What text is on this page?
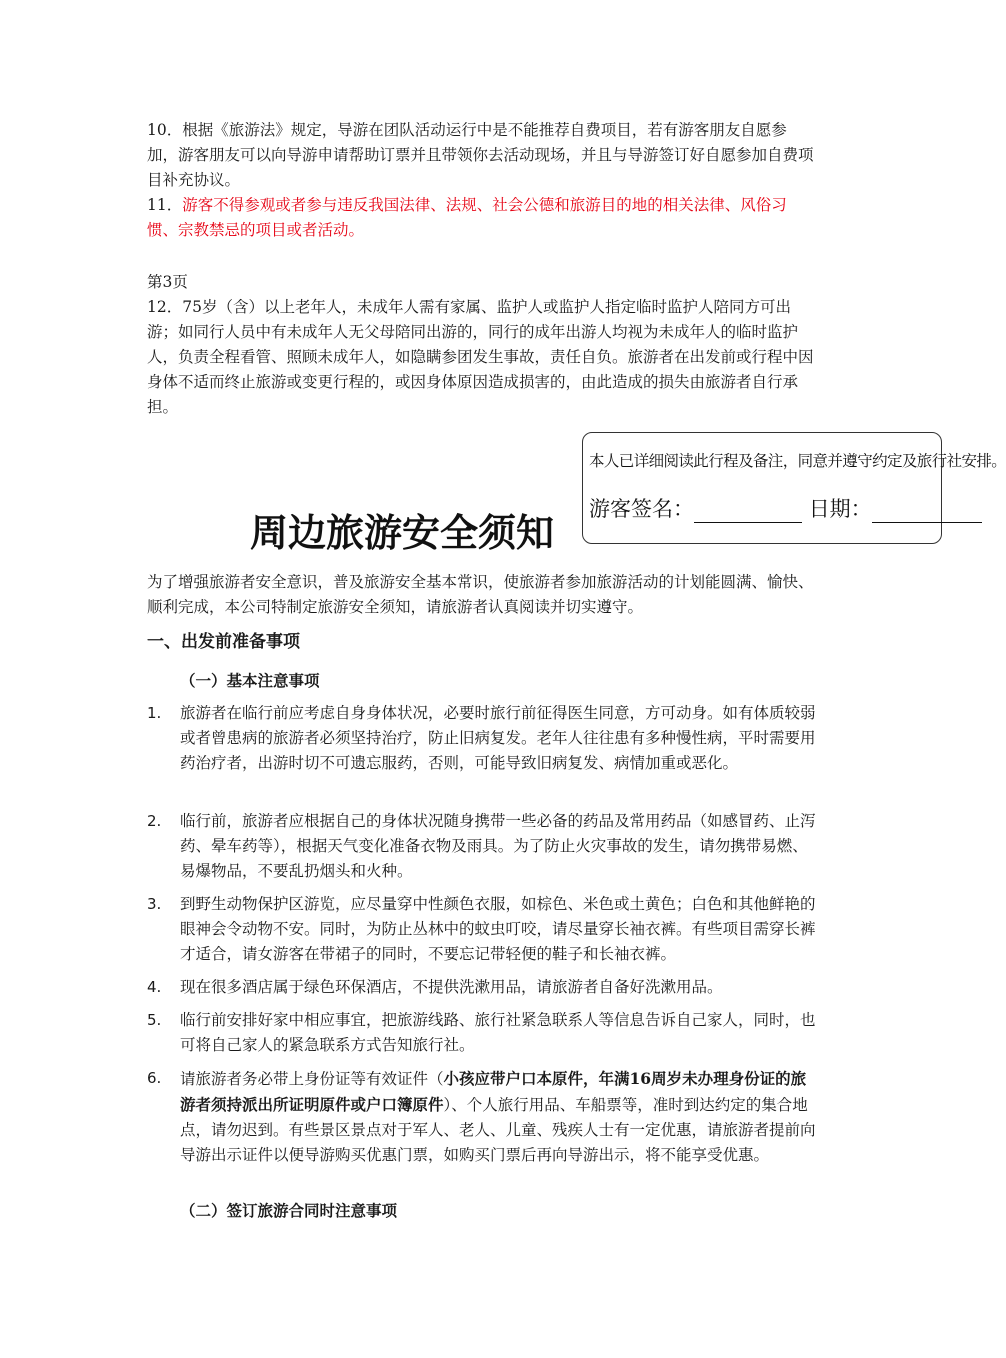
10．根据《旅游法》规定，导游在团队活动运行中是不能推荐自费项目，若有游客朋友自愿参加，游客朋友可以向导游申请帮助订票并且带领你去活动现场，并且与导游签订好自愿参加自费项目补充协议。

11．游客不得参观或者参与违反我国法律、法规、社会公德和旅游目的地的相关法律、风俗习惯、宗教禁忌的项目或者活动。

第3页

12．75岁（含）以上老年人，未成年人需有家属、监护人或监护人指定临时监护人陪同方可出游；如同行人员中有未成年人无父母陪同出游的，同行的成年出游人均视为未成年人的临时监护人，负责全程看管、照顾未成年人，如隐瞒参团发生事故，责任自负。旅游者在出发前或行程中因身体不适而终止旅游或变更行程的，或因身体原因造成损害的，由此造成的损失由旅游者自行承担。

周边旅游安全须知
本人已详细阅读此行程及备注，同意并遵守约定及旅行社安排。
游客签名：	日期：

为了增强旅游者安全意识，普及旅游安全基本常识，使旅游者参加旅游活动的计划能圆满、愉快、顺利完成，本公司特制定旅游安全须知，请旅游者认真阅读并切实遵守。

一、出发前准备事项
（一）基本注意事项
1. 旅游者在临行前应考虑自身身体状况，必要时旅行前征得医生同意，方可动身。如有体质较弱或者曾患病的旅游者必须坚持治疗，防止旧病复发。老年人往往患有多种慢性病，平时需要用药治疗者，出游时切不可遗忘服药，否则，可能导致旧病复发、病情加重或恶化。
2. 临行前，旅游者应根据自己的身体状况随身携带一些必备的药品及常用药品（如感冒药、止泻药、晕车药等），根据天气变化准备衣物及雨具。为了防止火灾事故的发生，请勿携带易燃、易爆物品，不要乱扔烟头和火种。
3. 到野生动物保护区游览，应尽量穿中性颜色衣服，如棕色、米色或土黄色；白色和其他鲜艳的眼神会令动物不安。同时，为防止丛林中的蚊虫叮咬，请尽量穿长袖衣裤。有些项目需穿长裤才适合，请女游客在带裙子的同时，不要忘记带轻便的鞋子和长袖衣裤。
4. 现在很多酒店属于绿色环保酒店，不提供洗漱用品，请旅游者自备好洗漱用品。
5. 临行前安排好家中相应事宜，把旅游线路、旅行社紧急联系人等信息告诉自己家人，同时，也可将自己家人的紧急联系方式告知旅行社。
6. 请旅游者务必带上身份证等有效证件（小孩应带户口本原件，年满16周岁未办理身份证的旅游者须持派出所证明原件或户口簿原件）、个人旅行用品、车船票等，准时到达约定的集合地点，请勿迟到。有些景区景点对于军人、老人、儿童、残疾人士有一定优惠，请旅游者提前向导游出示证件以便导游购买优惠门票，如购买门票后再向导游出示，将不能享受优惠。
（二）签订旅游合同时注意事项
